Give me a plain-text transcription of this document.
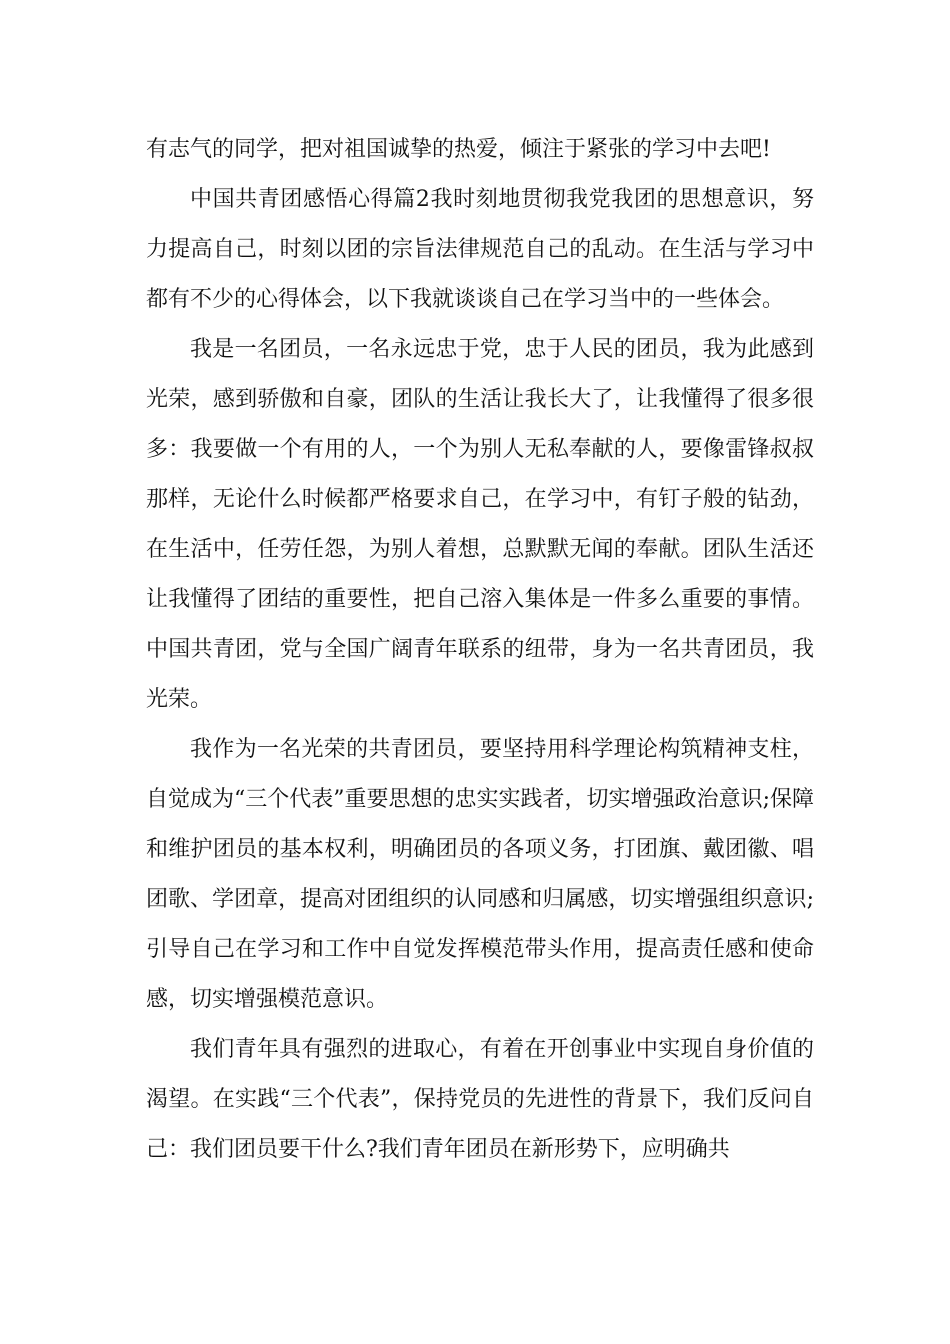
有志气的同学，把对祖国诚挚的热爱，倾注于紧张的学习中去吧!

中国共青团感悟心得篇2我时刻地贯彻我党我团的思想意识，努力提高自己，时刻以团的宗旨法律规范自己的乱动。在生活与学习中都有不少的心得体会，以下我就谈谈自己在学习当中的一些体会。

我是一名团员，一名永远忠于党，忠于人民的团员，我为此感到光荣，感到骄傲和自豪，团队的生活让我长大了，让我懂得了很多很多：我要做一个有用的人，一个为别人无私奉献的人，要像雷锋叔叔那样，无论什么时候都严格要求自己，在学习中，有钉子般的钻劲，在生活中，任劳任怨，为别人着想，总默默无闻的奉献。团队生活还让我懂得了团结的重要性，把自己溶入集体是一件多么重要的事情。中国共青团，党与全国广阔青年联系的纽带，身为一名共青团员，我光荣。

我作为一名光荣的共青团员，要坚持用科学理论构筑精神支柱，自觉成为“三个代表”重要思想的忠实实践者，切实增强政治意识;保障和维护团员的基本权利，明确团员的各项义务，打团旗、戴团徽、唱团歌、学团章，提高对团组织的认同感和归属感，切实增强组织意识;引导自己在学习和工作中自觉发挥模范带头作用，提高责任感和使命感，切实增强模范意识。

我们青年具有强烈的进取心，有着在开创事业中实现自身价值的渴望。在实践“三个代表”，保持党员的先进性的背景下，我们反问自己：我们团员要干什么?我们青年团员在新形势下，应明确共
